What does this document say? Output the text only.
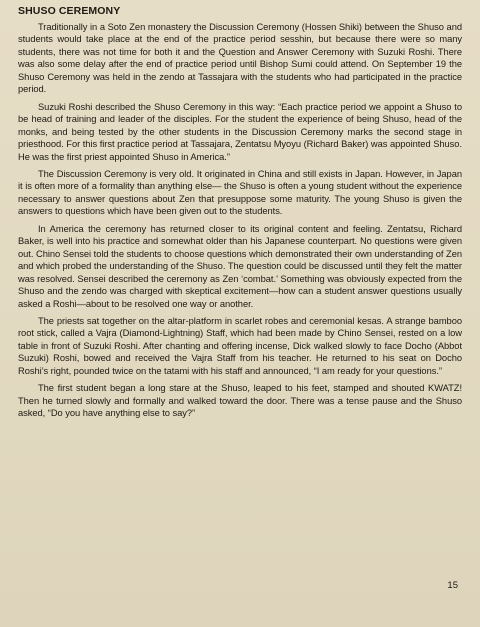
SHUSO CEREMONY

Traditionally in a Soto Zen monastery the Discussion Ceremony (Hossen Shiki) between the Shuso and students would take place at the end of the practice period sesshin, but because there were so many students, there was not time for both it and the Question and Answer Ceremony with Suzuki Roshi. There was also some delay after the end of practice period until Bishop Sumi could attend. On September 19 the Shuso Ceremony was held in the zendo at Tassajara with the students who had participated in the practice period.

Suzuki Roshi described the Shuso Ceremony in this way: “Each practice period we appoint a Shuso to be head of training and leader of the disciples. For the student the experience of being Shuso, head of the monks, and being tested by the other students in the Discussion Ceremony marks the second stage in priesthood. For this first practice period at Tassajara, Zentatsu Myoyu (Richard Baker) was appointed Shuso. He was the first priest appointed Shuso in America.”

The Discussion Ceremony is very old. It originated in China and still exists in Japan. However, in Japan it is often more of a formality than anything else— the Shuso is often a young student without the experience necessary to answer questions about Zen that presuppose some maturity. The young Shuso is given the answers to questions which have been given out to the students.

In America the ceremony has returned closer to its original content and feeling. Zentatsu, Richard Baker, is well into his practice and somewhat older than his Japanese counterpart. No questions were given out. Chino Sensei told the students to choose questions which demonstrated their own understanding of Zen and which probed the understanding of the Shuso. The question could be discussed until they felt the matter was resolved. Sensei described the ceremony as Zen ‘combat.’ Something was obviously expected from the Shuso and the zendo was charged with skeptical excitement—how can a student answer questions usually asked a Roshi—about to be resolved one way or another.

The priests sat together on the altar-platform in scarlet robes and ceremonial kesas. A strange bamboo root stick, called a Vajra (Diamond-Lightning) Staff, which had been made by Chino Sensei, rested on a low table in front of Suzuki Roshi. After chanting and offering incense, Dick walked slowly to face Docho (Abbot Suzuki) Roshi, bowed and received the Vajra Staff from his teacher. He returned to his seat on Docho Roshi’s right, pounded twice on the tatami with his staff and announced, “I am ready for your questions.”

The first student began a long stare at the Shuso, leaped to his feet, stamped and shouted KWATZ! Then he turned slowly and formally and walked toward the door. There was a tense pause and the Shuso asked, “Do you have anything else to say?”

15
